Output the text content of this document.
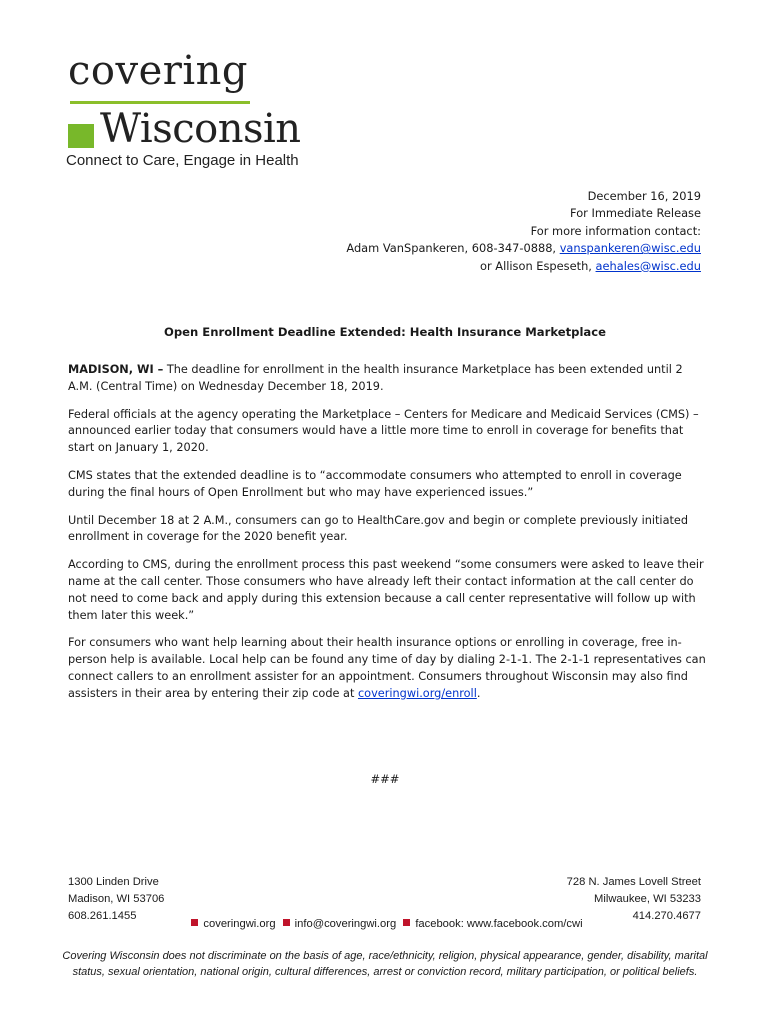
covering
Wisconsin
Connect to Care, Engage in Health
December 16, 2019
For Immediate Release
For more information contact:
Adam VanSpankeren, 608-347-0888, vanspankeren@wisc.edu
or Allison Espeseth, aehales@wisc.edu
Open Enrollment Deadline Extended: Health Insurance Marketplace

MADISON, WI – The deadline for enrollment in the health insurance Marketplace has been extended until 2 A.M. (Central Time) on Wednesday December 18, 2019.

Federal officials at the agency operating the Marketplace – Centers for Medicare and Medicaid Services (CMS) – announced earlier today that consumers would have a little more time to enroll in coverage for benefits that start on January 1, 2020.

CMS states that the extended deadline is to “accommodate consumers who attempted to enroll in coverage during the final hours of Open Enrollment but who may have experienced issues.”

Until December 18 at 2 A.M., consumers can go to HealthCare.gov and begin or complete previously initiated enrollment in coverage for the 2020 benefit year.

According to CMS, during the enrollment process this past weekend “some consumers were asked to leave their name at the call center. Those consumers who have already left their contact information at the call center do not need to come back and apply during this extension because a call center representative will follow up with them later this week.”

For consumers who want help learning about their health insurance options or enrolling in coverage, free in-person help is available. Local help can be found any time of day by dialing 2-1-1. The 2-1-1 representatives can connect callers to an enrollment assister for an appointment. Consumers throughout Wisconsin may also find assisters in their area by entering their zip code at coveringwi.org/enroll.

###
1300 Linden Drive
Madison, WI 53706
608.261.1455
728 N. James Lovell Street
Milwaukee, WI 53233
414.270.4677
coveringwi.org info@coveringwi.org facebook: www.facebook.com/cwi
Covering Wisconsin does not discriminate on the basis of age, race/ethnicity, religion, physical appearance, gender, disability, marital status, sexual orientation, national origin, cultural differences, arrest or conviction record, military participation, or political beliefs.
